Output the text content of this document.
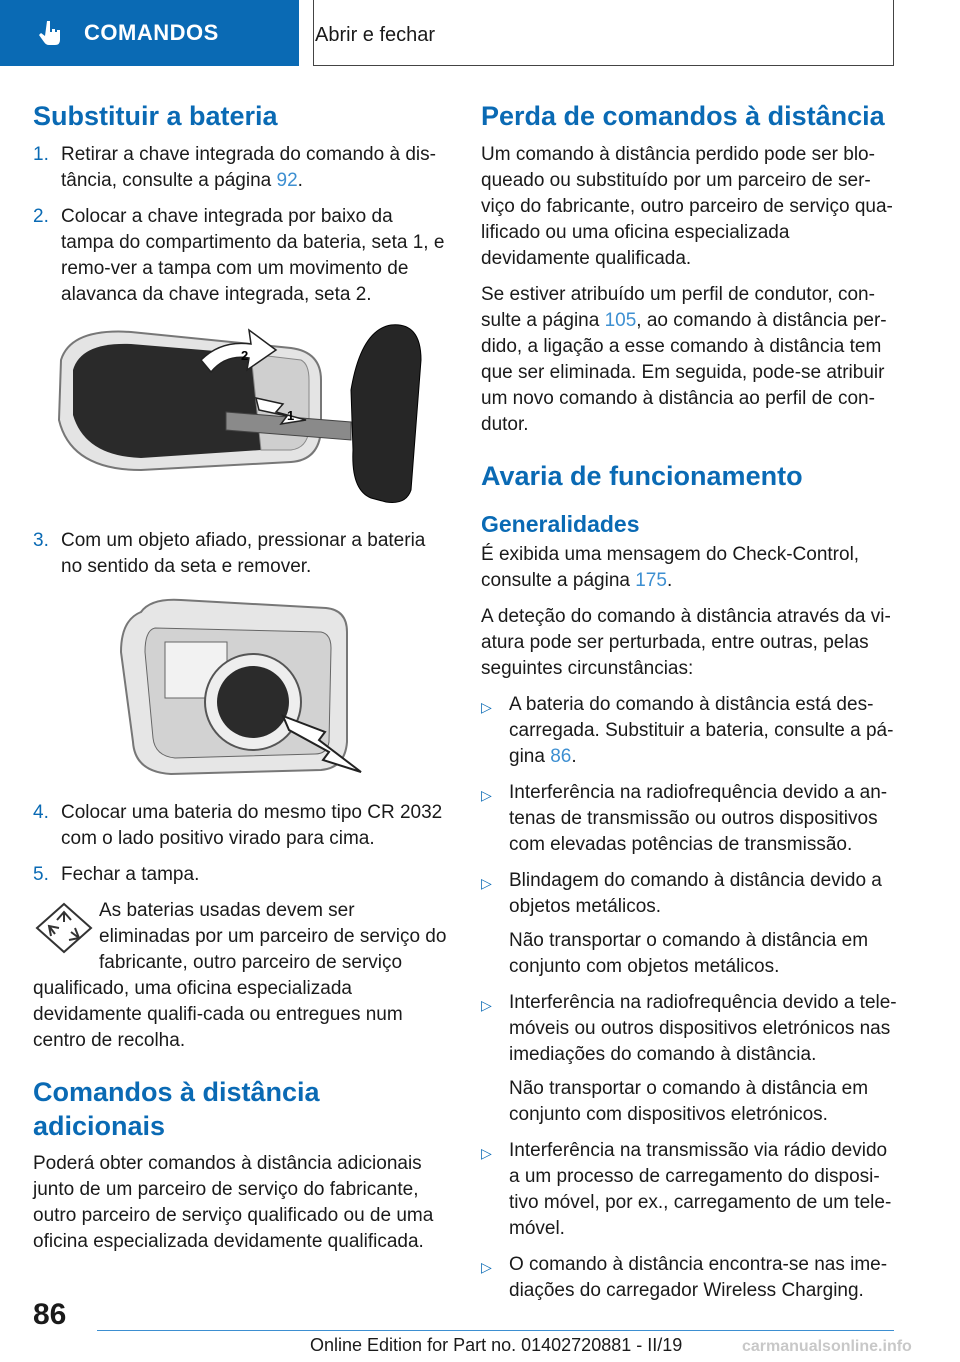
COMANDOS	Abrir e fechar
Substituir a bateria
1. Retirar a chave integrada do comando à dis-tância, consulte a página 92.
2. Colocar a chave integrada por baixo da tampa do compartimento da bateria, seta 1, e remo-ver a tampa com um movimento de alavanca da chave integrada, seta 2.
1
2
3. Com um objeto afiado, pressionar a bateria no sentido da seta e remover.
4. Colocar uma bateria do mesmo tipo CR 2032 com o lado positivo virado para cima.
5. Fechar a tampa.
As baterias usadas devem ser eliminadas por um parceiro de serviço do fabricante, outro parceiro de serviço qualificado, uma oficina especializada devidamente qualifi-cada ou entregues num centro de recolha.
Comandos à distância adicionais

Poderá obter comandos à distância adicionais junto de um parceiro de serviço do fabricante, outro parceiro de serviço qualificado ou de uma oficina especializada devidamente qualificada.

Perda de comandos à distância

Um comando à distância perdido pode ser blo-queado ou substituído por um parceiro de ser-viço do fabricante, outro parceiro de serviço qua-lificado ou uma oficina especializada devidamente qualificada.

Se estiver atribuído um perfil de condutor, con-sulte a página 105, ao comando à distância per-dido, a ligação a esse comando à distância tem que ser eliminada. Em seguida, pode-se atribuir um novo comando à distância ao perfil de con-dutor.

Avaria de funcionamento
Generalidades

É exibida uma mensagem do Check-Control, consulte a página 175.

A deteção do comando à distância através da vi-atura pode ser perturbada, entre outras, pelas seguintes circunstâncias:

▷ A bateria do comando à distância está des-carregada. Substituir a bateria, consulte a pá-gina 86.
▷ Interferência na radiofrequência devido a an-tenas de transmissão ou outros dispositivos com elevadas potências de transmissão.
▷ Blindagem do comando à distância devido a objetos metálicos.
Não transportar o comando à distância em conjunto com objetos metálicos.
▷ Interferência na radiofrequência devido a tele-móveis ou outros dispositivos eletrónicos nas imediações do comando à distância.
Não transportar o comando à distância em conjunto com dispositivos eletrónicos.
▷ Interferência na transmissão via rádio devido a um processo de carregamento do disposi-tivo móvel, por ex., carregamento de um tele-móvel.
▷ O comando à distância encontra-se nas ime-diações do carregador Wireless Charging.
86
Online Edition for Part no. 01402720881 - II/19	carmanualsonline.info
